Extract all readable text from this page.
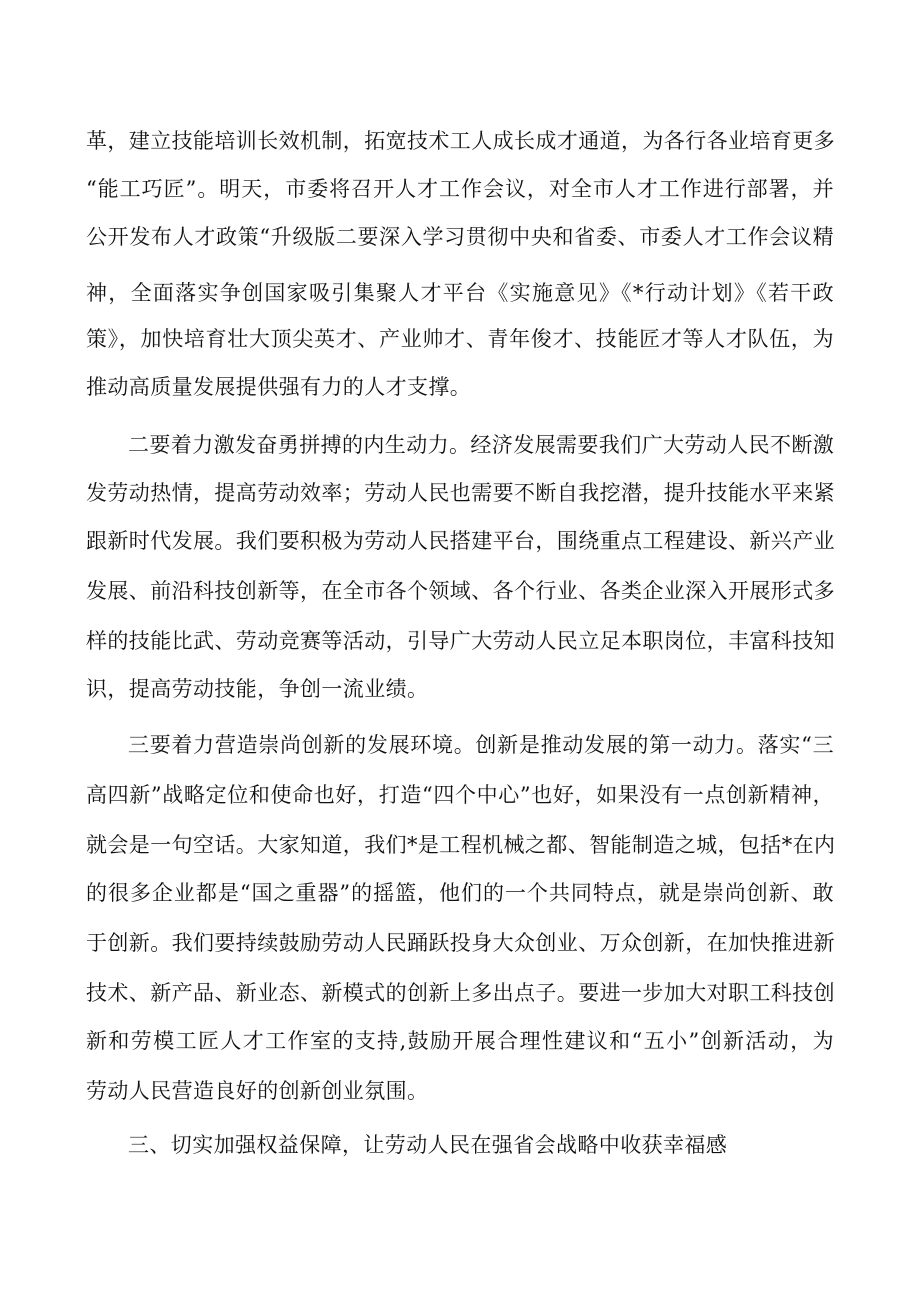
革，建立技能培训长效机制，拓宽技术工人成长成才通道，为各行各业培育更多
“能工巧匠”。明天，市委将召开人才工作会议，对全市人才工作进行部署，并
公开发布人才政策“升级版二要深入学习贯彻中央和省委、市委人才工作会议精
神，全面落实争创国家吸引集聚人才平台《实施意见》《*行动计划》《若干政
策》，加快培育壮大顶尖英才、产业帅才、青年俊才、技能匠才等人才队伍，为
推动高质量发展提供强有力的人才支撑。
二要着力激发奋勇拼搏的内生动力。经济发展需要我们广大劳动人民不断激
发劳动热情，提高劳动效率；劳动人民也需要不断自我挖潜，提升技能水平来紧
跟新时代发展。我们要积极为劳动人民搭建平台，围绕重点工程建设、新兴产业
发展、前沿科技创新等，在全市各个领域、各个行业、各类企业深入开展形式多
样的技能比武、劳动竞赛等活动，引导广大劳动人民立足本职岗位，丰富科技知
识，提高劳动技能，争创一流业绩。
三要着力营造崇尚创新的发展环境。创新是推动发展的第一动力。落实“三
高四新”战略定位和使命也好，打造“四个中心”也好，如果没有一点创新精神，
就会是一句空话。大家知道，我们*是工程机械之都、智能制造之城，包括*在内
的很多企业都是“国之重器”的摇篮，他们的一个共同特点，就是崇尚创新、敢
于创新。我们要持续鼓励劳动人民踊跃投身大众创业、万众创新，在加快推进新
技术、新产品、新业态、新模式的创新上多出点子。要进一步加大对职工科技创
新和劳模工匠人才工作室的支持,鼓励开展合理性建议和“五小”创新活动，为
劳动人民营造良好的创新创业氛围。
三、切实加强权益保障，让劳动人民在强省会战略中收获幸福感
